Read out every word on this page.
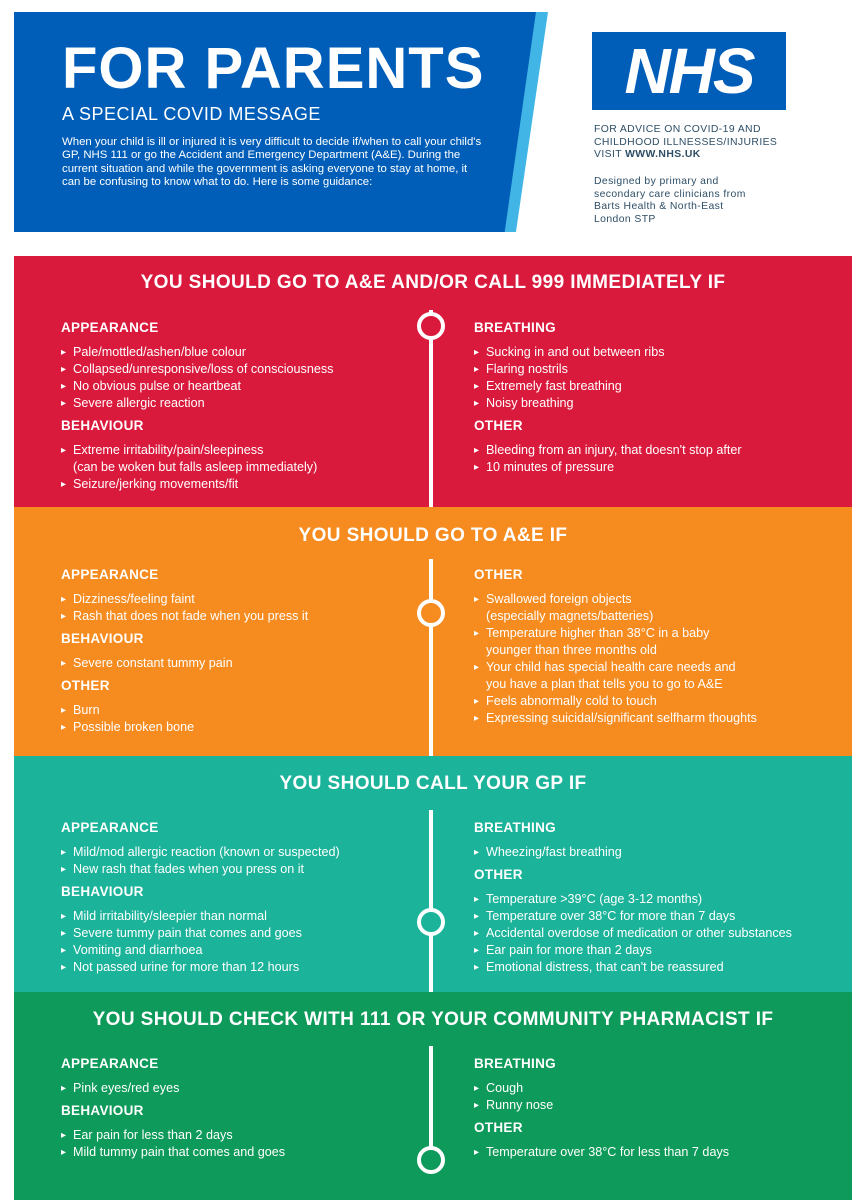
FOR PARENTS
A SPECIAL COVID MESSAGE
When your child is ill or injured it is very difficult to decide if/when to call your child's GP, NHS 111 or go the Accident and Emergency Department (A&E). During the current situation and while the government is asking everyone to stay at home, it can be confusing to know what to do. Here is some guidance:
NHS
FOR ADVICE ON COVID-19 AND
CHILDHOOD ILLNESSES/INJURIES
VISIT WWW.NHS.UK
Designed by primary and
secondary care clinicians from
Barts Health & North-East
London STP
YOU SHOULD GO TO A&E AND/OR CALL 999 IMMEDIATELY IF
APPEARANCE
▸ Pale/mottled/ashen/blue colour
▸ Collapsed/unresponsive/loss of consciousness
▸ No obvious pulse or heartbeat
▸ Severe allergic reaction
BEHAVIOUR
▸ Extreme irritability/pain/sleepiness
(can be woken but falls asleep immediately)
▸ Seizure/jerking movements/fit
BREATHING
▸ Sucking in and out between ribs
▸ Flaring nostrils
▸ Extremely fast breathing
▸ Noisy breathing
OTHER
▸ Bleeding from an injury, that doesn't stop after
▸ 10 minutes of pressure
YOU SHOULD GO TO A&E IF
APPEARANCE
▸ Dizziness/feeling faint
▸ Rash that does not fade when you press it
BEHAVIOUR
▸ Severe constant tummy pain
OTHER
▸ Burn
▸ Possible broken bone
OTHER
▸ Swallowed foreign objects
(especially magnets/batteries)
▸ Temperature higher than 38°C in a baby
younger than three months old
▸ Your child has special health care needs and
you have a plan that tells you to go to A&E
▸ Feels abnormally cold to touch
▸ Expressing suicidal/significant selfharm thoughts
YOU SHOULD CALL YOUR GP IF
APPEARANCE
▸ Mild/mod allergic reaction (known or suspected)
▸ New rash that fades when you press on it
BEHAVIOUR
▸ Mild irritability/sleepier than normal
▸ Severe tummy pain that comes and goes
▸ Vomiting and diarrhoea
▸ Not passed urine for more than 12 hours
BREATHING
▸ Wheezing/fast breathing
OTHER
▸ Temperature >39°C (age 3-12 months)
▸ Temperature over 38°C for more than 7 days
▸ Accidental overdose of medication or other substances
▸ Ear pain for more than 2 days
▸ Emotional distress, that can't be reassured
YOU SHOULD CHECK WITH 111 OR YOUR COMMUNITY PHARMACIST IF
APPEARANCE
▸ Pink eyes/red eyes
BEHAVIOUR
▸ Ear pain for less than 2 days
▸ Mild tummy pain that comes and goes
BREATHING
▸ Cough
▸ Runny nose
OTHER
▸ Temperature over 38°C for less than 7 days
